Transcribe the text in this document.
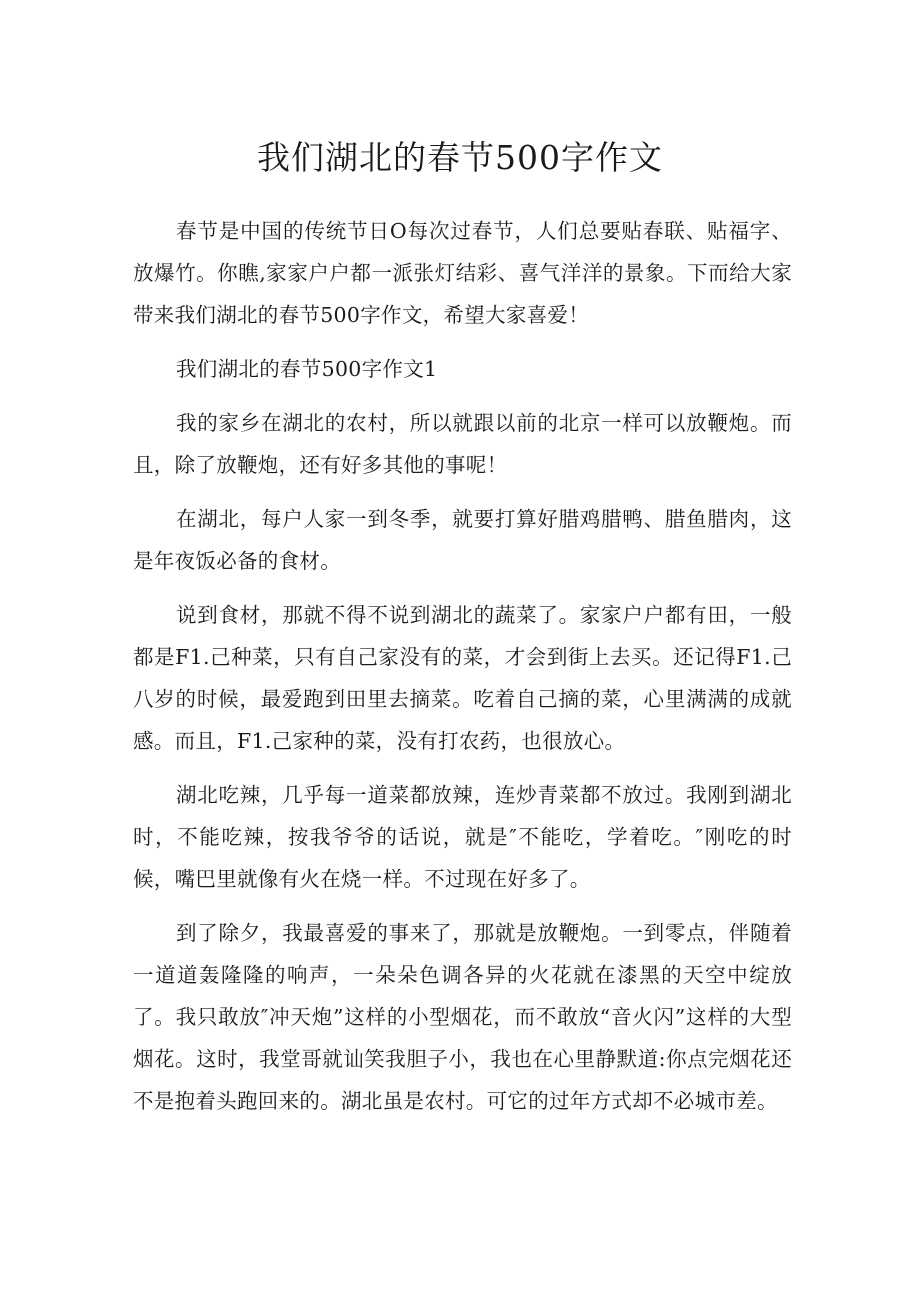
我们湖北的春节500字作文

春节是中国的传统节日O每次过春节，人们总要贴春联、贴福字、放爆竹。你瞧,家家户户都一派张灯结彩、喜气洋洋的景象。下而给大家带来我们湖北的春节500字作文，希望大家喜爱！

我们湖北的春节500字作文1

我的家乡在湖北的农村，所以就跟以前的北京一样可以放鞭炮。而且，除了放鞭炮，还有好多其他的事呢！

在湖北，每户人家一到冬季，就要打算好腊鸡腊鸭、腊鱼腊肉，这是年夜饭必备的食材。

说到食材，那就不得不说到湖北的蔬菜了。家家户户都有田，一般都是F1.己种菜，只有自己家没有的菜，才会到街上去买。还记得F1.己八岁的时候，最爱跑到田里去摘菜。吃着自己摘的菜，心里满满的成就感。而且，F1.己家种的菜，没有打农药，也很放心。

湖北吃辣，几乎每一道菜都放辣，连炒青菜都不放过。我刚到湖北时，不能吃辣，按我爷爷的话说，就是″不能吃，学着吃。″刚吃的时候，嘴巴里就像有火在烧一样。不过现在好多了。

到了除夕，我最喜爱的事来了，那就是放鞭炮。一到零点，伴随着一道道轰隆隆的响声，一朵朵色调各异的火花就在漆黑的天空中绽放了。我只敢放″冲天炮”这样的小型烟花，而不敢放“音火闪”这样的大型烟花。这时，我堂哥就讪笑我胆子小，我也在心里静默道:你点完烟花还不是抱着头跑回来的。湖北虽是农村。可它的过年方式却不必城市差。
